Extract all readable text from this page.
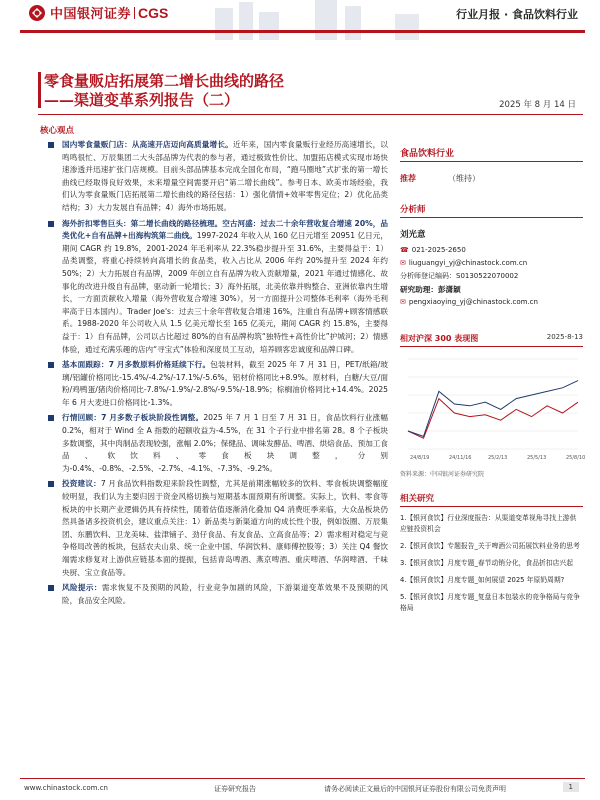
中国银河证券 CGS	行业月报 · 食品饮料行业
零食量贩店拓展第二增长曲线的路径
——渠道变革系列报告（二）	2025 年 8 月 14 日
核心观点
国内零食量贩门店：从高速开店迈向高质量增长。近年来，国内零食量贩行业经历高速增长，以鸣鸣很忙、万辰集团二大头部品牌为代表的参与者，通过极致性价比、加盟拓店模式实现市场快速渗透并迅速扩张门店规模。目前头部品牌基本完成全国化布局，“跑马圈地”式扩张的第一增长曲线已经取得良好效果，未来增量空间需要开启“第二增长曲线”。参考日本、欧美市场经验，我们认为零食量贩门店拓展第二增长曲线的路径包括：1）强化倩情+效率零售定位；2）优化品类结构；3）大力发展自有品牌；4）海外市场拓展。
海外折扣零售巨头：第二增长曲线的路径梳理。空古河盛：过去二十余年营收复合增速 20%，品类优化+自有品牌+出海构筑第二曲线。1997-2024 年收入从 160 亿日元增至 20951 亿日元，期间 CAGR 约 19.8%，2001-2024 年毛利率从 22.3%稳步提升至 31.6%，主要得益于：1）品类调整，将重心持续转向高增长的食品类，收入占比从 2006 年约 20%提升至 2024 年约 50%；2）大力拓展自有品牌，2009 年创立自有品牌为收入贡献增量，2021 年通过情感化、故事化的改进升级自有品牌，驱动新一轮增长；3）海外拓展，北美依靠并购整合、亚洲依靠内生增长，一方面贡献收入增量（海外营收复合增速 30%），另一方面提升公司整体毛利率（海外毛利率高于日本国内）。Trader Joe's：过去三十余年营收复合增速 16%，注重自有品牌+顾客情感联系。1988-2020 年公司收入从 1.5 亿美元增长至 165 亿美元，期间 CAGR 约 15.8%，主要得益于：1）自有品牌，公司以占比超过 80%的自有品牌构筑“独特性+高性价比”护城河；2）情感体验，通过充满乐趣的店内“寻宝式”体验和深度员工互动，培养顾客忠诚度和品牌口碑。
基本面跟踪：7 月多数原料价格延续下行。包装材料，截至 2025 年 7 月 31 日，PET/纸箱/玻璃/铝罐价格同比-15.4%/-4.2%/-17.1%/-5.6%，铝材价格同比+8.9%。原材料，白糖/大豆/面粉/鸡鸭蛋/猪肉价格同比-7.8%/-1.9%/-2.8%/-9.5%/-18.9%；棕榈油价格同比+14.4%。2025 年 6 月大麦进口价格同比-1.3%。
行情回顾：7 月多数子板块阶段性调整。2025 年 7 月 1 日至 7 月 31 日，食品饮料行业涨幅 0.2%，相对于 Wind 全 A 指数的超额收益为-4.5%，在 31 个子行业中排名第 28。8 个子板块多数调整，其中肉制品表现较强，涨幅 2.0%；保健品、调味发酵品、啤酒、烘焙食品、预加工食品、软饮料、零食板块调整，分别为-0.4%、-0.8%、-2.5%、-2.7%、-4.1%、-7.3%、-9.2%。
投资建议：7 月食品饮料指数迎来阶段性调整，尤其是前期涨幅较多的饮料、零食板块调整幅度较明显，我们认为主要归因于资金风格切换与短期基本面预期有所调整。实际上，饮料、零食等板块的中长期产业逻辑仍具有持续性，随着估值逐渐消化叠加 Q4 消费旺季来临，大众品板块仍然具备诸多投资机会，建议重点关注：1）新品类与新渠道方向的成长性个股，例如饭圈、万辰集团、东鹏饮料、卫龙美味、盐津铺子、劲仔食品、有友食品、立高食品等；2）需求相对稳定与竞争格局改善的板块，包括农夫山泉、统一企业中国、华润饮料、康师傅控股等；3）关注 Q4 餐饮端需求修复对上游供应链基本面的提振，包括青岛啤酒、燕京啤酒、重庆啤酒、华润啤酒、千味央厨、宝立食品等。
风险提示：需求恢复不及预期的风险，行业竞争加剧的风险，下游渠道变革效果不及预期的风险，食品安全风险。
食品饮料行业
推荐	（维持）
分析师
刘光意
☎ 021-2025-2650
✉ liuguangyi_yj@chinastock.com.cn
分析师登记编码：S0130522070002
研究助理：彭潇颖
✉ pengxiaoying_yj@chinastock.com.cn
相对沪深 300 表现图	2025-8-13
24/8/19	24/11/16	25/2/13	25/5/13	25/8/10
资料来源：中国银河证券研究院
相关研究
1.【银河食饮】行业深度报告：从渠道变革视角寻找上游供应链投资机会
2.【银河食饮】专题报告_关于啤酒公司拓展饮料业务的思考
3.【银河食饮】月度专题_春节动销分化，食品折扣店兴起
4.【银河食饮】月度专题_如何展望 2025 年原奶周期?
5.【银河食饮】月度专题_复盘日本包装水的竞争格局与竞争格局
www.chinastock.com.cn	证券研究报告	请务必阅读正文最后的中国银河证券股份有限公司免责声明	1
